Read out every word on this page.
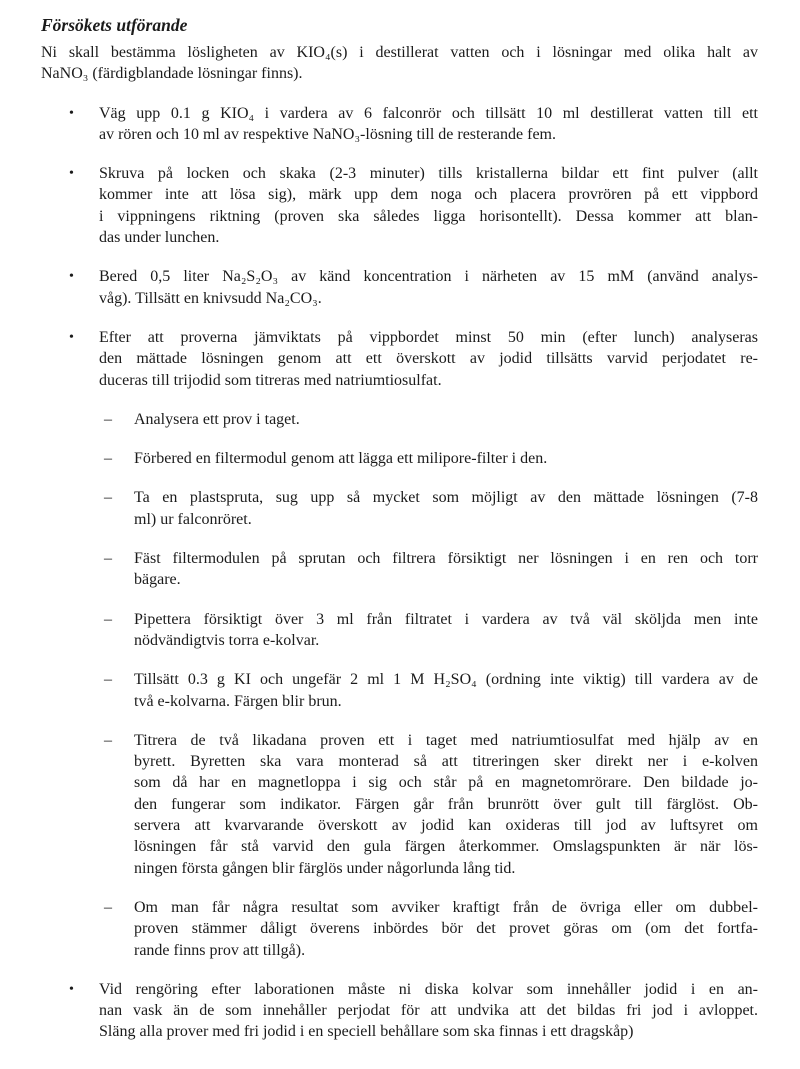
Försökets utförande
Ni skall bestämma lösligheten av KIO₄(s) i destillerat vatten och i lösningar med olika halt av
NaNO₃ (färdigblandade lösningar finns).
•	Väg upp 0.1 g KIO₄ i vardera av 6 falconrör och tillsätt 10 ml destillerat vatten till ett
av rören och 10 ml av respektive NaNO₃-lösning till de resterande fem.
•	Skruva på locken och skaka (2-3 minuter) tills kristallerna bildar ett fint pulver (allt
kommer inte att lösa sig), märk upp dem noga och placera provrören på ett vippbord
i vippningens riktning (proven ska således ligga horisontellt). Dessa kommer att blan-
das under lunchen.
•	Bered 0,5 liter Na₂S₂O₃ av känd koncentration i närheten av 15 mM (använd analys-
våg). Tillsätt en knivsudd Na₂CO₃.
•	Efter att proverna jämviktats på vippbordet minst 50 min (efter lunch) analyseras
den mättade lösningen genom att ett överskott av jodid tillsätts varvid perjodatet re-
duceras till trijodid som titreras med natriumtiosulfat.
–	Analysera ett prov i taget.
–	Förbered en filtermodul genom att lägga ett milipore-filter i den.
–	Ta en plastspruta, sug upp så mycket som möjligt av den mättade lösningen (7-8
ml) ur falconröret.
–	Fäst filtermodulen på sprutan och filtrera försiktigt ner lösningen i en ren och torr
bägare.
–	Pipettera försiktigt över 3 ml från filtratet i vardera av två väl sköljda men inte
nödvändigtvis torra e-kolvar.
–	Tillsätt 0.3 g KI och ungefär 2 ml 1 M H₂SO₄ (ordning inte viktig) till vardera av de
två e-kolvarna. Färgen blir brun.
–	Titrera de två likadana proven ett i taget med natriumtiosulfat med hjälp av en
byrett. Byretten ska vara monterad så att titreringen sker direkt ner i e-kolven
som då har en magnetloppa i sig och står på en magnetomrörare. Den bildade jo-
den fungerar som indikator. Färgen går från brunrött över gult till färglöst. Ob-
servera att kvarvarande överskott av jodid kan oxideras till jod av luftsyret om
lösningen får stå varvid den gula färgen återkommer. Omslagspunkten är när lös-
ningen första gången blir färglös under någorlunda lång tid.
–	Om man får några resultat som avviker kraftigt från de övriga eller om dubbel-
proven stämmer dåligt överens inbördes bör det provet göras om (om det fortfa-
rande finns prov att tillgå).
•	Vid rengöring efter laborationen måste ni diska kolvar som innehåller jodid i en an-
nan vask än de som innehåller perjodat för att undvika att det bildas fri jod i avloppet.
Släng alla prover med fri jodid i en speciell behållare som ska finnas i ett dragskåp)
